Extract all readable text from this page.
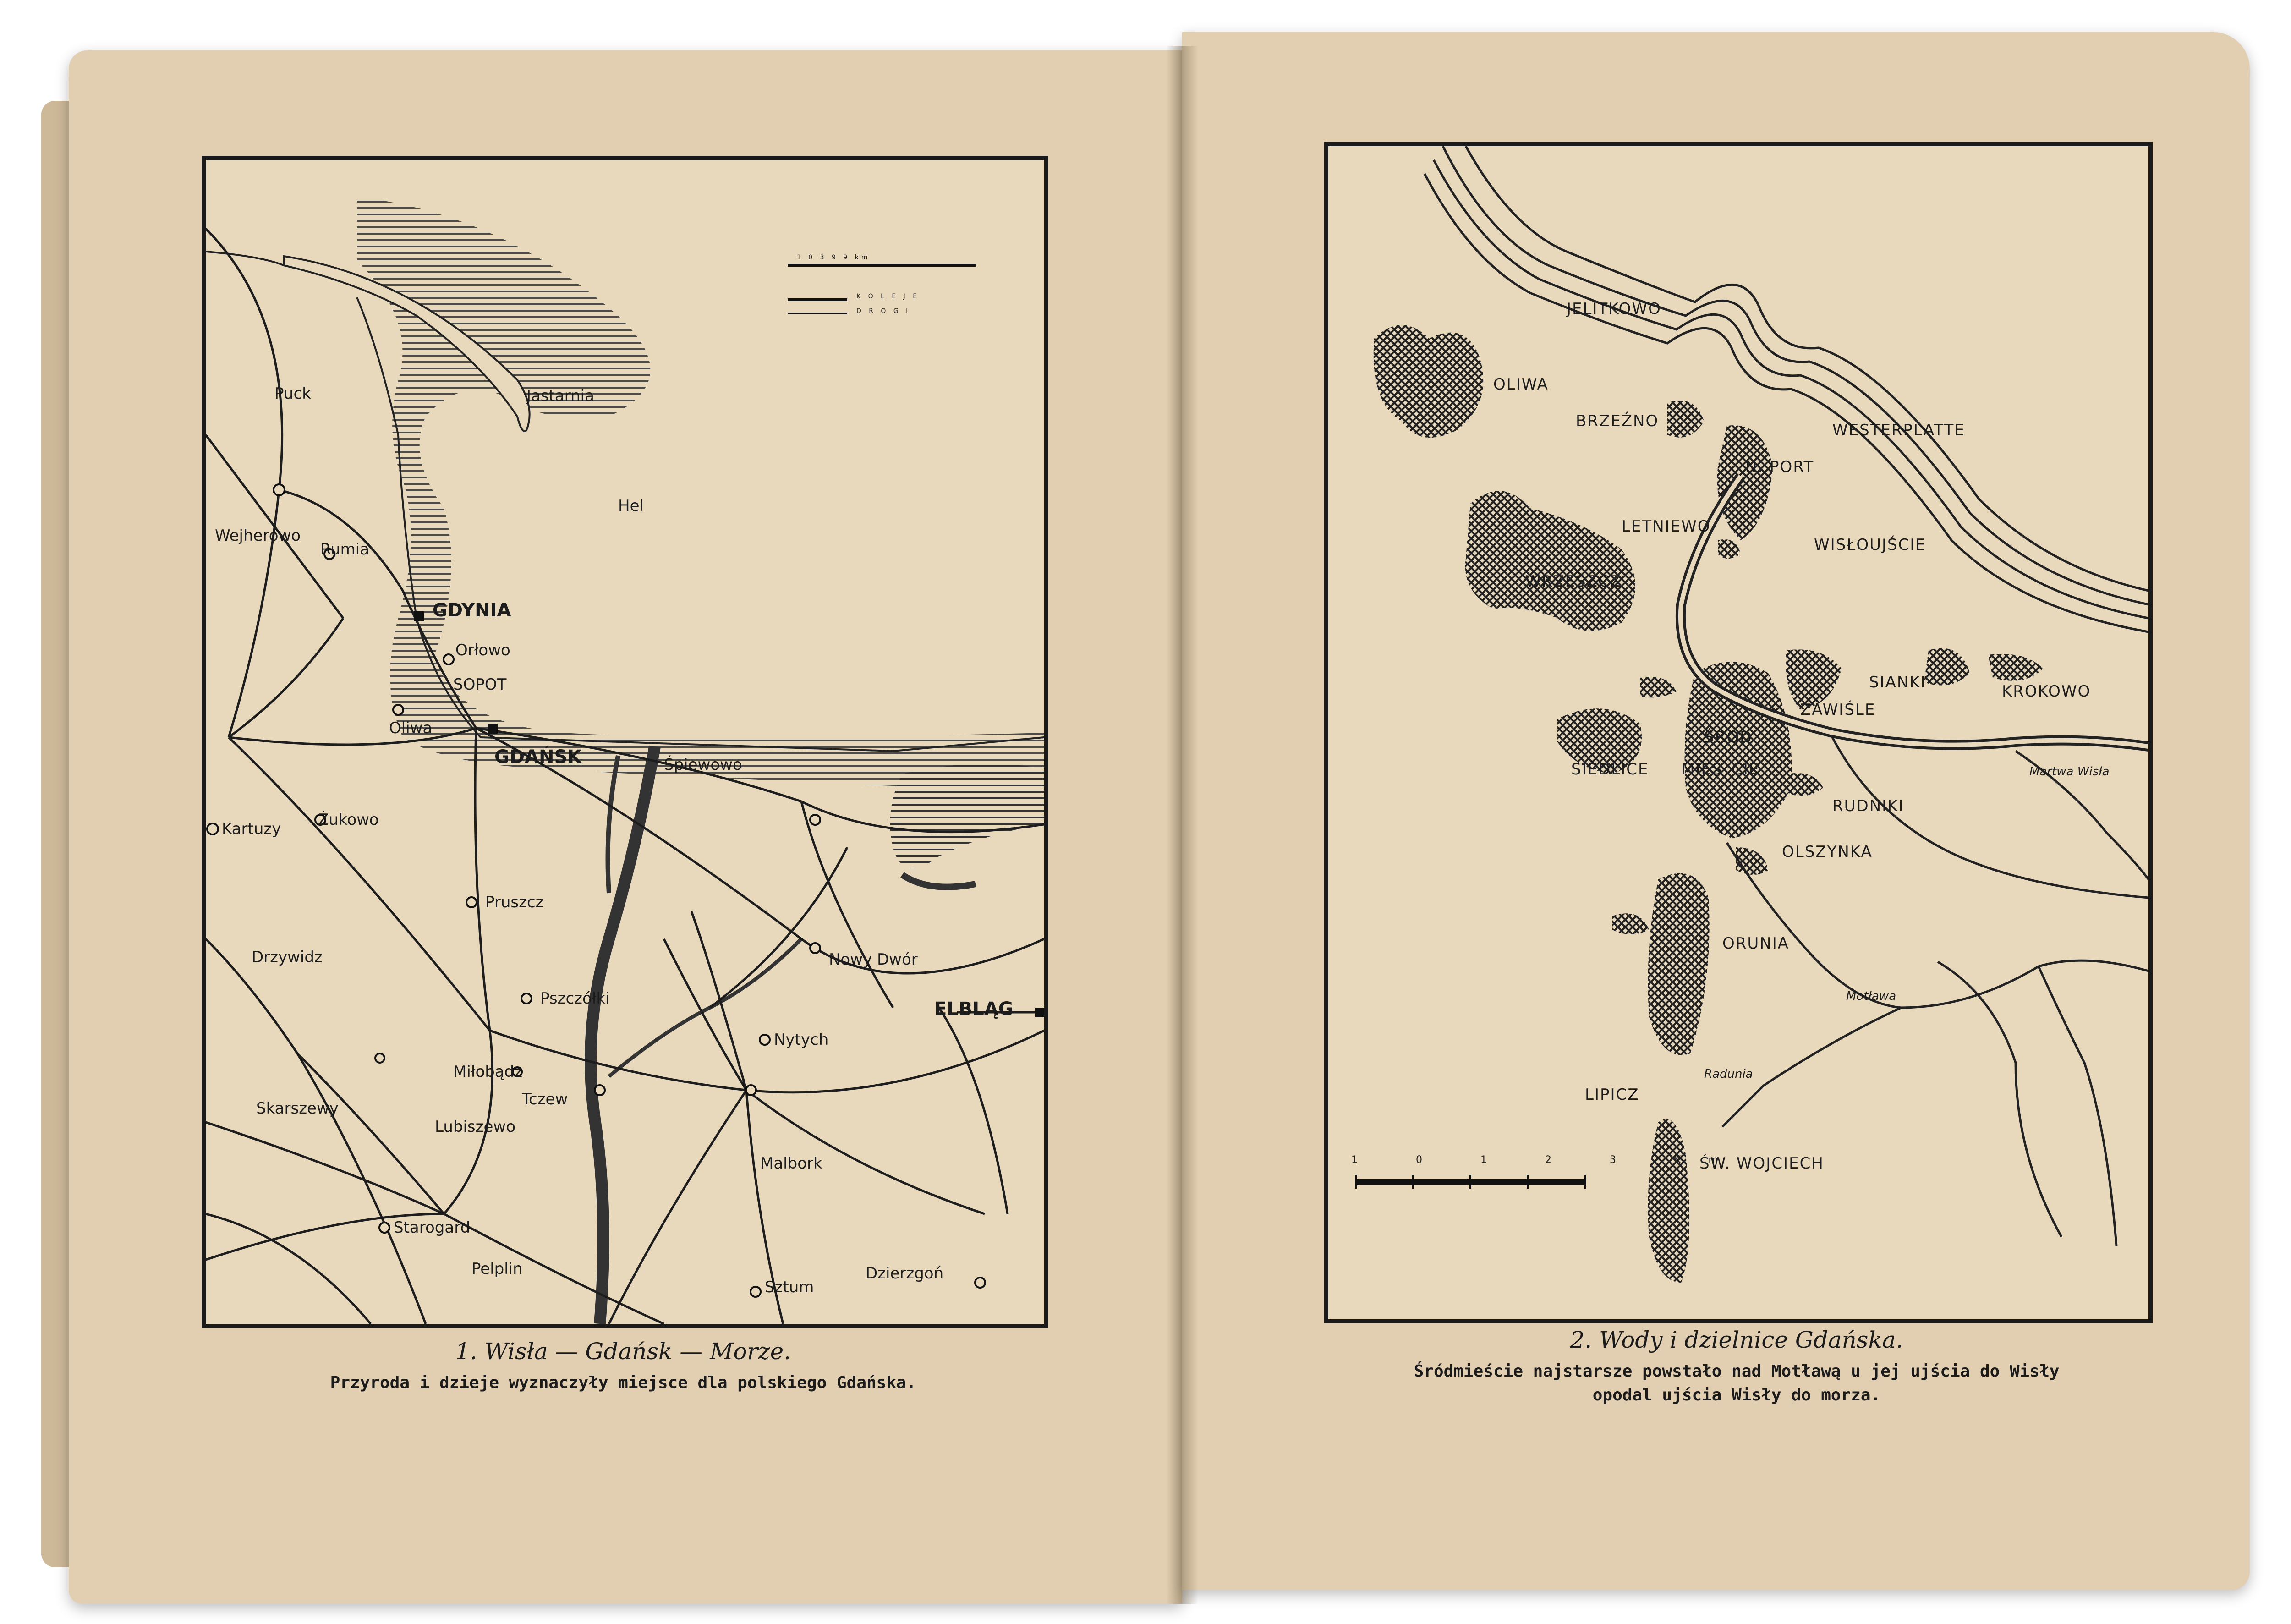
1 0 3 9 9 km
K O L E J E
D R O G I
Puck	Jastarnia
Hel
Wejherowo
Rumia
GDYNIA
Orłowo
SOPOT
Oliwa
GDAŃSK	Śpiewowo
Kartuzy Żukowo
Pruszcz
Drzywidz
Pszczółki
Nowy Dwór
ELBLĄG
Nytych
Miłobądz
Tczew
Skarszewy
Lubiszewo
Malbork
Starogard
Pelplin
Sztum
Dzierzgoń
JELITKOWO
OLIWA
BRZEŹNO	WESTERPLATTE
N. PORT
LETNIEWO
WISŁOUJŚCIE
WRZESZCZ
SIANKI	KROKOWO
ZAWIŚLE
ŚROD
MIEŚ CIE
SIEDLICE	Martwa Wisła
RUDNIKI
OLSZYNKA
ORUNIA
Motława
Radunia
LIPICZ
ŚW. WOJCIECH
1 0 1 2 3 Km
1. Wisła — Gdańsk — Morze.
Przyroda i dzieje wyznaczyły miejsce dla polskiego Gdańska.
2. Wody i dzielnice Gdańska.
Śródmieście najstarsze powstało nad Motławą u jej ujścia do Wisły
opodal ujścia Wisły do morza.
